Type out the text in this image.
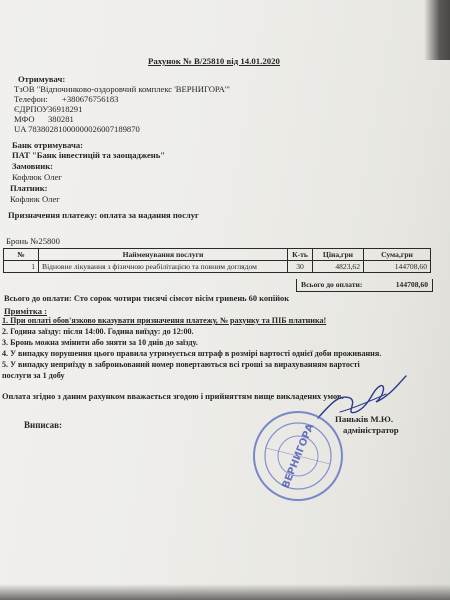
Рахунок № В/25810 від 14.01.2020
Отримувач:
ТзОВ "Відпочинково-оздоровчий комплекс 'ВЕРНИГОРА'"
Телефон: +380676756183
ЄДРПОУ 36918291
МФО 380281
UA 78380281000000026007189870
Банк отримувача:
ПАТ "Банк інвестицій та заощаджень"
Замовник:
Кофлюк Олег
Платник:
Кофлюк Олег
Призначення платежу: оплата за надання послуг
Бронь №25800
№	Найменування послуги	К-ть	Ціна,грн	Сума,грн
1	Відновне лікування з фізичною реабілітацією та повним доглядом	30	4823,62	144708,60
Всього до оплати:	144708,60
Всього до оплати: Сто сорок чотири тисячі сімсот вісім гривень 60 копійок
Примітка :
1. При оплаті обов'язково вказувати призначення платежу, № рахунку та ПІБ платника!
2. Година заїзду: після 14:00. Година виїзду: до 12:00.
3. Бронь можна змінити або зняти за 10 днів до заїзду.
4. У випадку порушення цього правила утримується штраф в розмірі вартості однієї доби проживання.
5. У випадку неприїзду в заброньований номер повертаються всі гроші за вирахуванням вартості
послуги за 1 добу
Оплата згідно з даним рахунком вважається згодою і прийняттям вище викладених умов.
Виписав:
Паньків М.Ю.
адміністратор
ВЕРНИГОРА
